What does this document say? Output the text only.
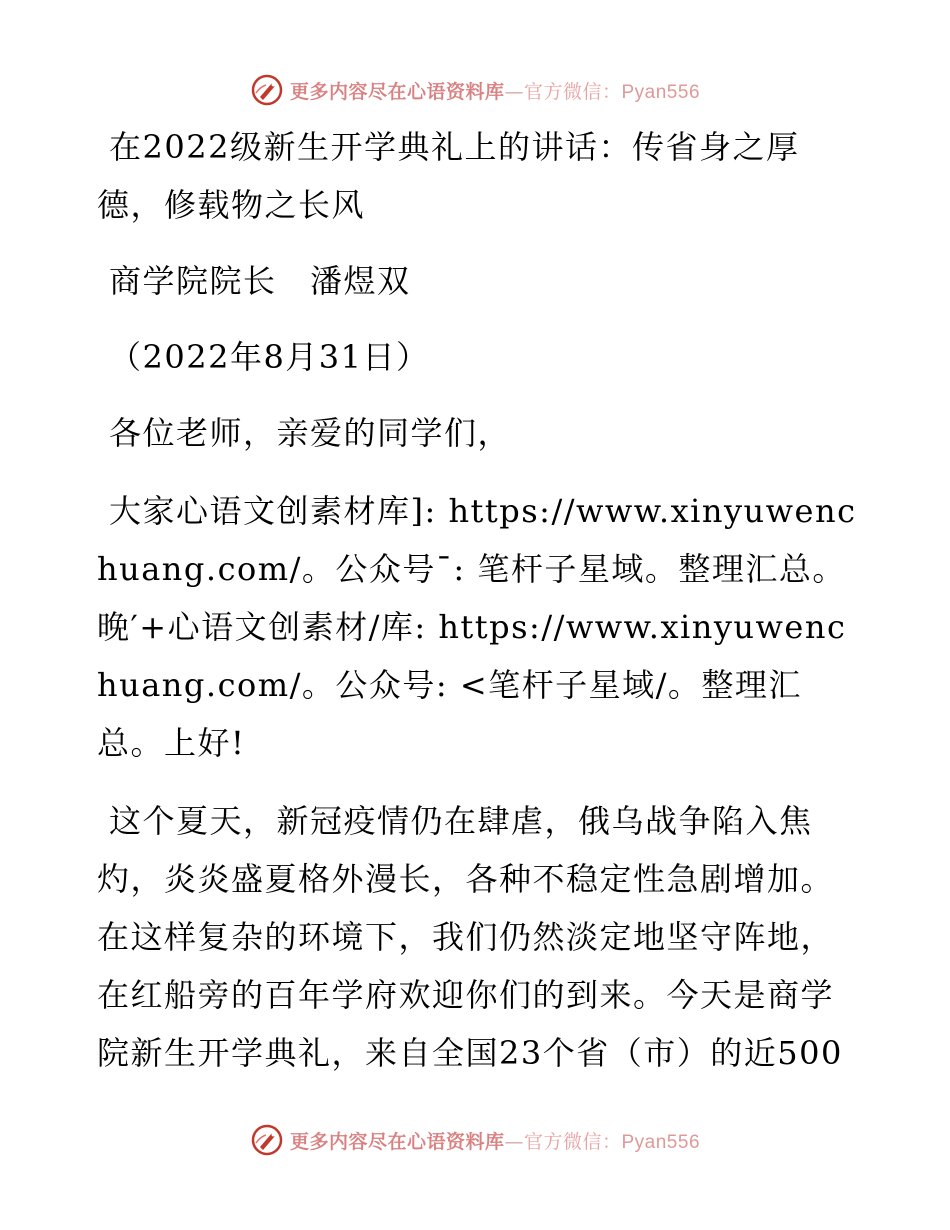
更多内容尽在心语资料库—官方微信：Pyan556

在2022级新生开学典礼上的讲话：传省身之厚德，修载物之长风

商学院院长　潘煜双

（2022年8月31日）

各位老师，亲爱的同学们，

大家心语文创素材库]: https://www.xinyuwenchuang.com/。公众号¯: 笔杆子星域。整理汇总。晚′+心语文创素材/库: https://www.xinyuwenchuang.com/。公众号: <笔杆子星域/。整理汇总。上好!

这个夏天，新冠疫情仍在肆虐，俄乌战争陷入焦灼，炎炎盛夏格外漫长，各种不稳定性急剧增加。在这样复杂的环境下，我们仍然淡定地坚守阵地，在红船旁的百年学府欢迎你们的到来。今天是商学院新生开学典礼，来自全国23个省（市）的近500

更多内容尽在心语资料库—官方微信：Pyan556
